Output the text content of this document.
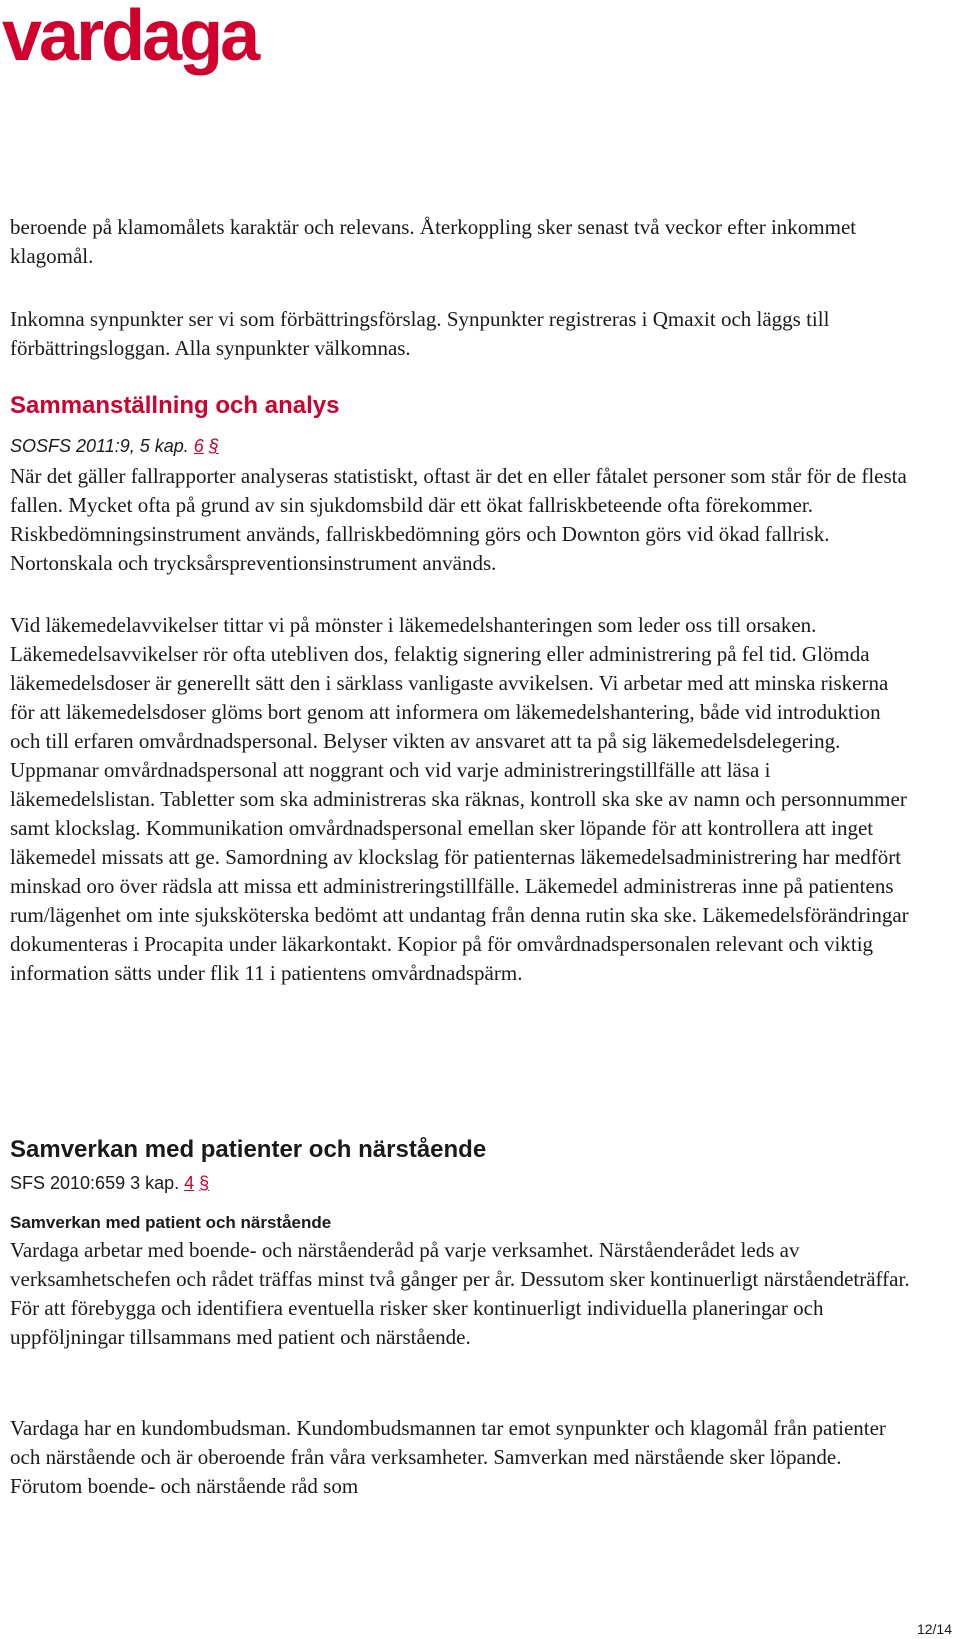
vardaga

beroende på klamomålets karaktär och relevans. Återkoppling sker senast två veckor efter inkommet klagomål.

Inkomna synpunkter ser vi som förbättringsförslag. Synpunkter registreras i Qmaxit och läggs till förbättringsloggan. Alla synpunkter välkomnas.

Sammanställning och analys

SOSFS 2011:9, 5 kap. 6 §

När det gäller fallrapporter analyseras statistiskt, oftast är det en eller fåtalet personer som står för de flesta fallen. Mycket ofta på grund av sin sjukdomsbild där ett ökat fallriskbeteende ofta förekommer. Riskbedömningsinstrument används, fallriskbedömning görs och Downton görs vid ökad fallrisk. Nortonskala och trycksårspreventionsinstrument används.

Vid läkemedelavvikelser tittar vi på mönster i läkemedelshanteringen som leder oss till orsaken. Läkemedelsavvikelser rör ofta utebliven dos, felaktig signering eller administrering på fel tid. Glömda läkemedelsdoser är generellt sätt den i särklass vanligaste avvikelsen. Vi arbetar med att minska riskerna för att läkemedelsdoser glöms bort genom att informera om läkemedelshantering, både vid introduktion och till erfaren omvårdnadspersonal. Belyser vikten av ansvaret att ta på sig läkemedelsdelegering. Uppmanar omvårdnadspersonal att noggrant och vid varje administreringstillfälle att läsa i läkemedelslistan. Tabletter som ska administreras ska räknas, kontroll ska ske av namn och personnummer samt klockslag. Kommunikation omvårdnadspersonal emellan sker löpande för att kontrollera att inget läkemedel missats att ge. Samordning av klockslag för patienternas läkemedelsadministrering har medfört minskad oro över rädsla att missa ett administreringstillfälle. Läkemedel administreras inne på patientens rum/lägenhet om inte sjuksköterska bedömt att undantag från denna rutin ska ske. Läkemedelsförändringar dokumenteras i Procapita under läkarkontakt. Kopior på för omvårdnadspersonalen relevant och viktig information sätts under flik 11 i patientens omvårdnadspärm.

Samverkan med patienter och närstående

SFS 2010:659 3 kap. 4 §

Samverkan med patient och närstående

Vardaga arbetar med boende- och närståenderåd på varje verksamhet. Närståenderådet leds av verksamhetschefen och rådet träffas minst två gånger per år. Dessutom sker kontinuerligt närståendeträffar. För att förebygga och identifiera eventuella risker sker kontinuerligt individuella planeringar och uppföljningar tillsammans med patient och närstående.

Vardaga har en kundombudsman. Kundombudsmannen tar emot synpunkter och klagomål från patienter och närstående och är oberoende från våra verksamheter. Samverkan med närstående sker löpande. Förutom boende- och närstående råd som

12/14
